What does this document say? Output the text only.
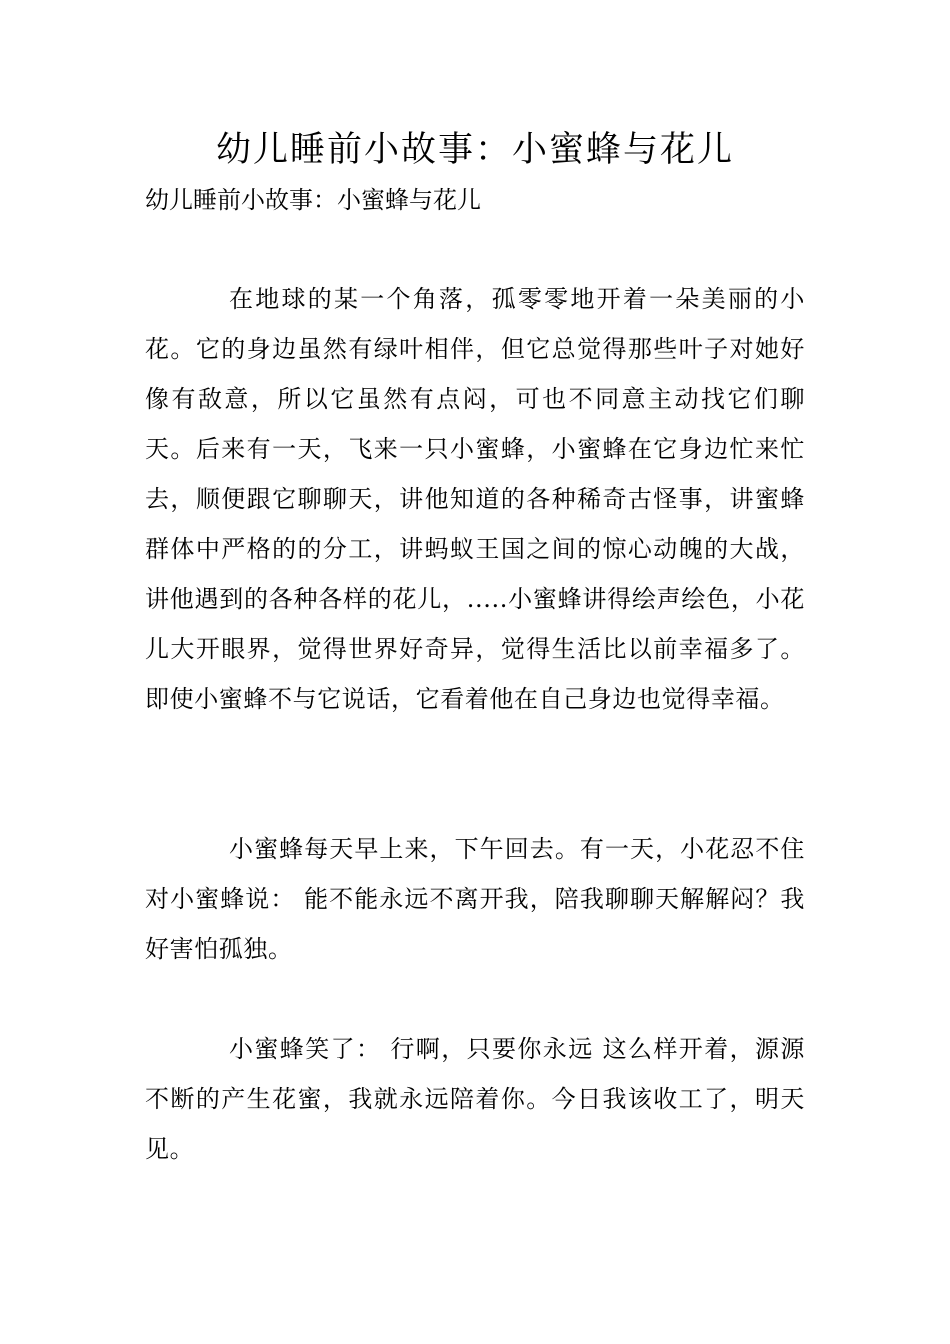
幼儿睡前小故事：小蜜蜂与花儿

幼儿睡前小故事：小蜜蜂与花儿

在地球的某一个角落，孤零零地开着一朵美丽的小花。它的身边虽然有绿叶相伴，但它总觉得那些叶子对她好像有敌意，所以它虽然有点闷，可也不同意主动找它们聊天。后来有一天，飞来一只小蜜蜂，小蜜蜂在它身边忙来忙去，顺便跟它聊聊天，讲他知道的各种稀奇古怪事，讲蜜蜂群体中严格的的分工，讲蚂蚁王国之间的惊心动魄的大战，讲他遇到的各种各样的花儿，.....小蜜蜂讲得绘声绘色，小花儿大开眼界，觉得世界好奇异，觉得生活比以前幸福多了。即使小蜜蜂不与它说话，它看着他在自己身边也觉得幸福。

小蜜蜂每天早上来，下午回去。有一天，小花忍不住对小蜜蜂说： 能不能永远不离开我，陪我聊聊天解解闷？我好害怕孤独。

小蜜蜂笑了： 行啊，只要你永远 这么样开着，源源不断的产生花蜜，我就永远陪着你。今日我该收工了，明天见。
